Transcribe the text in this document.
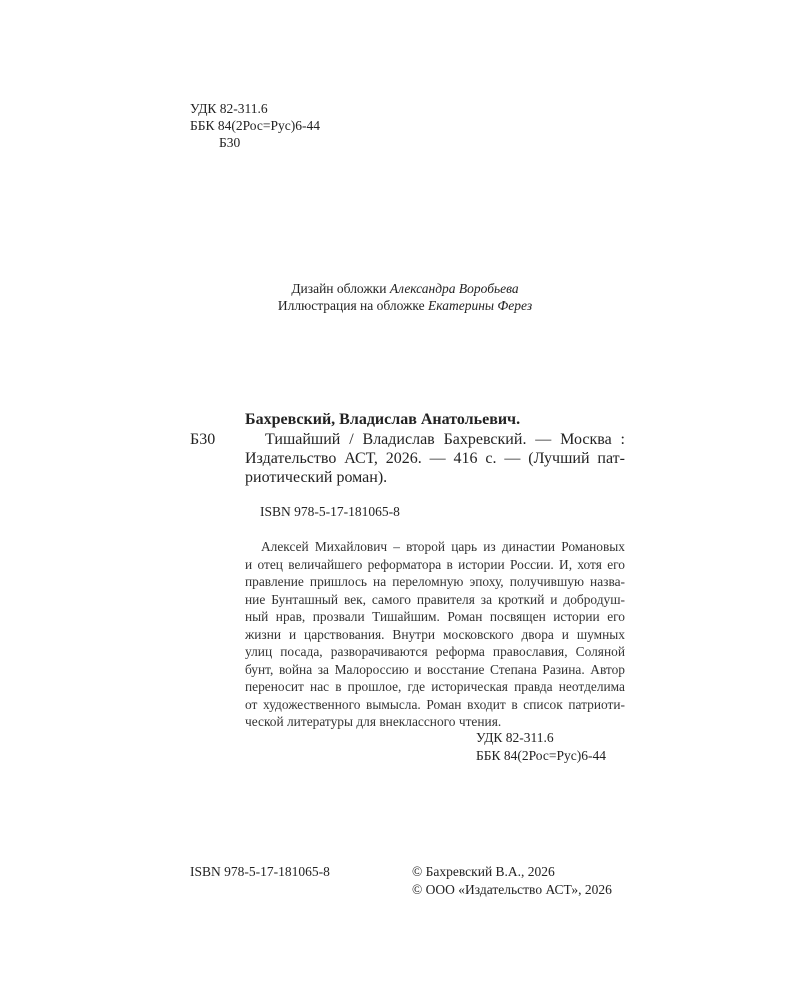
УДК 82-311.6
ББК 84(2Рос=Рус)6-44
Б30
Дизайн обложки Александра Воробьева
Иллюстрация на обложке Екатерины Ферез
Бахревский, Владислав Анатольевич.
Б30	Тишайший / Владислав Бахревский. — Москва :
Издательство АСТ, 2026. — 416 с. — (Лучший пат-
риотический роман).
ISBN 978-5-17-181065-8
Алексей Михайлович – второй царь из династии Романовых
и отец величайшего реформатора в истории России. И, хотя его
правление пришлось на переломную эпоху, получившую назва-
ние Бунташный век, самого правителя за кроткий и добродуш-
ный нрав, прозвали Тишайшим. Роман посвящен истории его
жизни и царствования. Внутри московского двора и шумных
улиц посада, разворачиваются реформа православия, Соляной
бунт, война за Малороссию и восстание Степана Разина. Автор
переносит нас в прошлое, где историческая правда неотделима
от художественного вымысла. Роман входит в список патриоти-
ческой литературы для внеклассного чтения.
УДК 82-311.6
ББК 84(2Рос=Рус)6-44
ISBN 978-5-17-181065-8	© Бахревский В.А., 2026
© ООО «Издательство АСТ», 2026
